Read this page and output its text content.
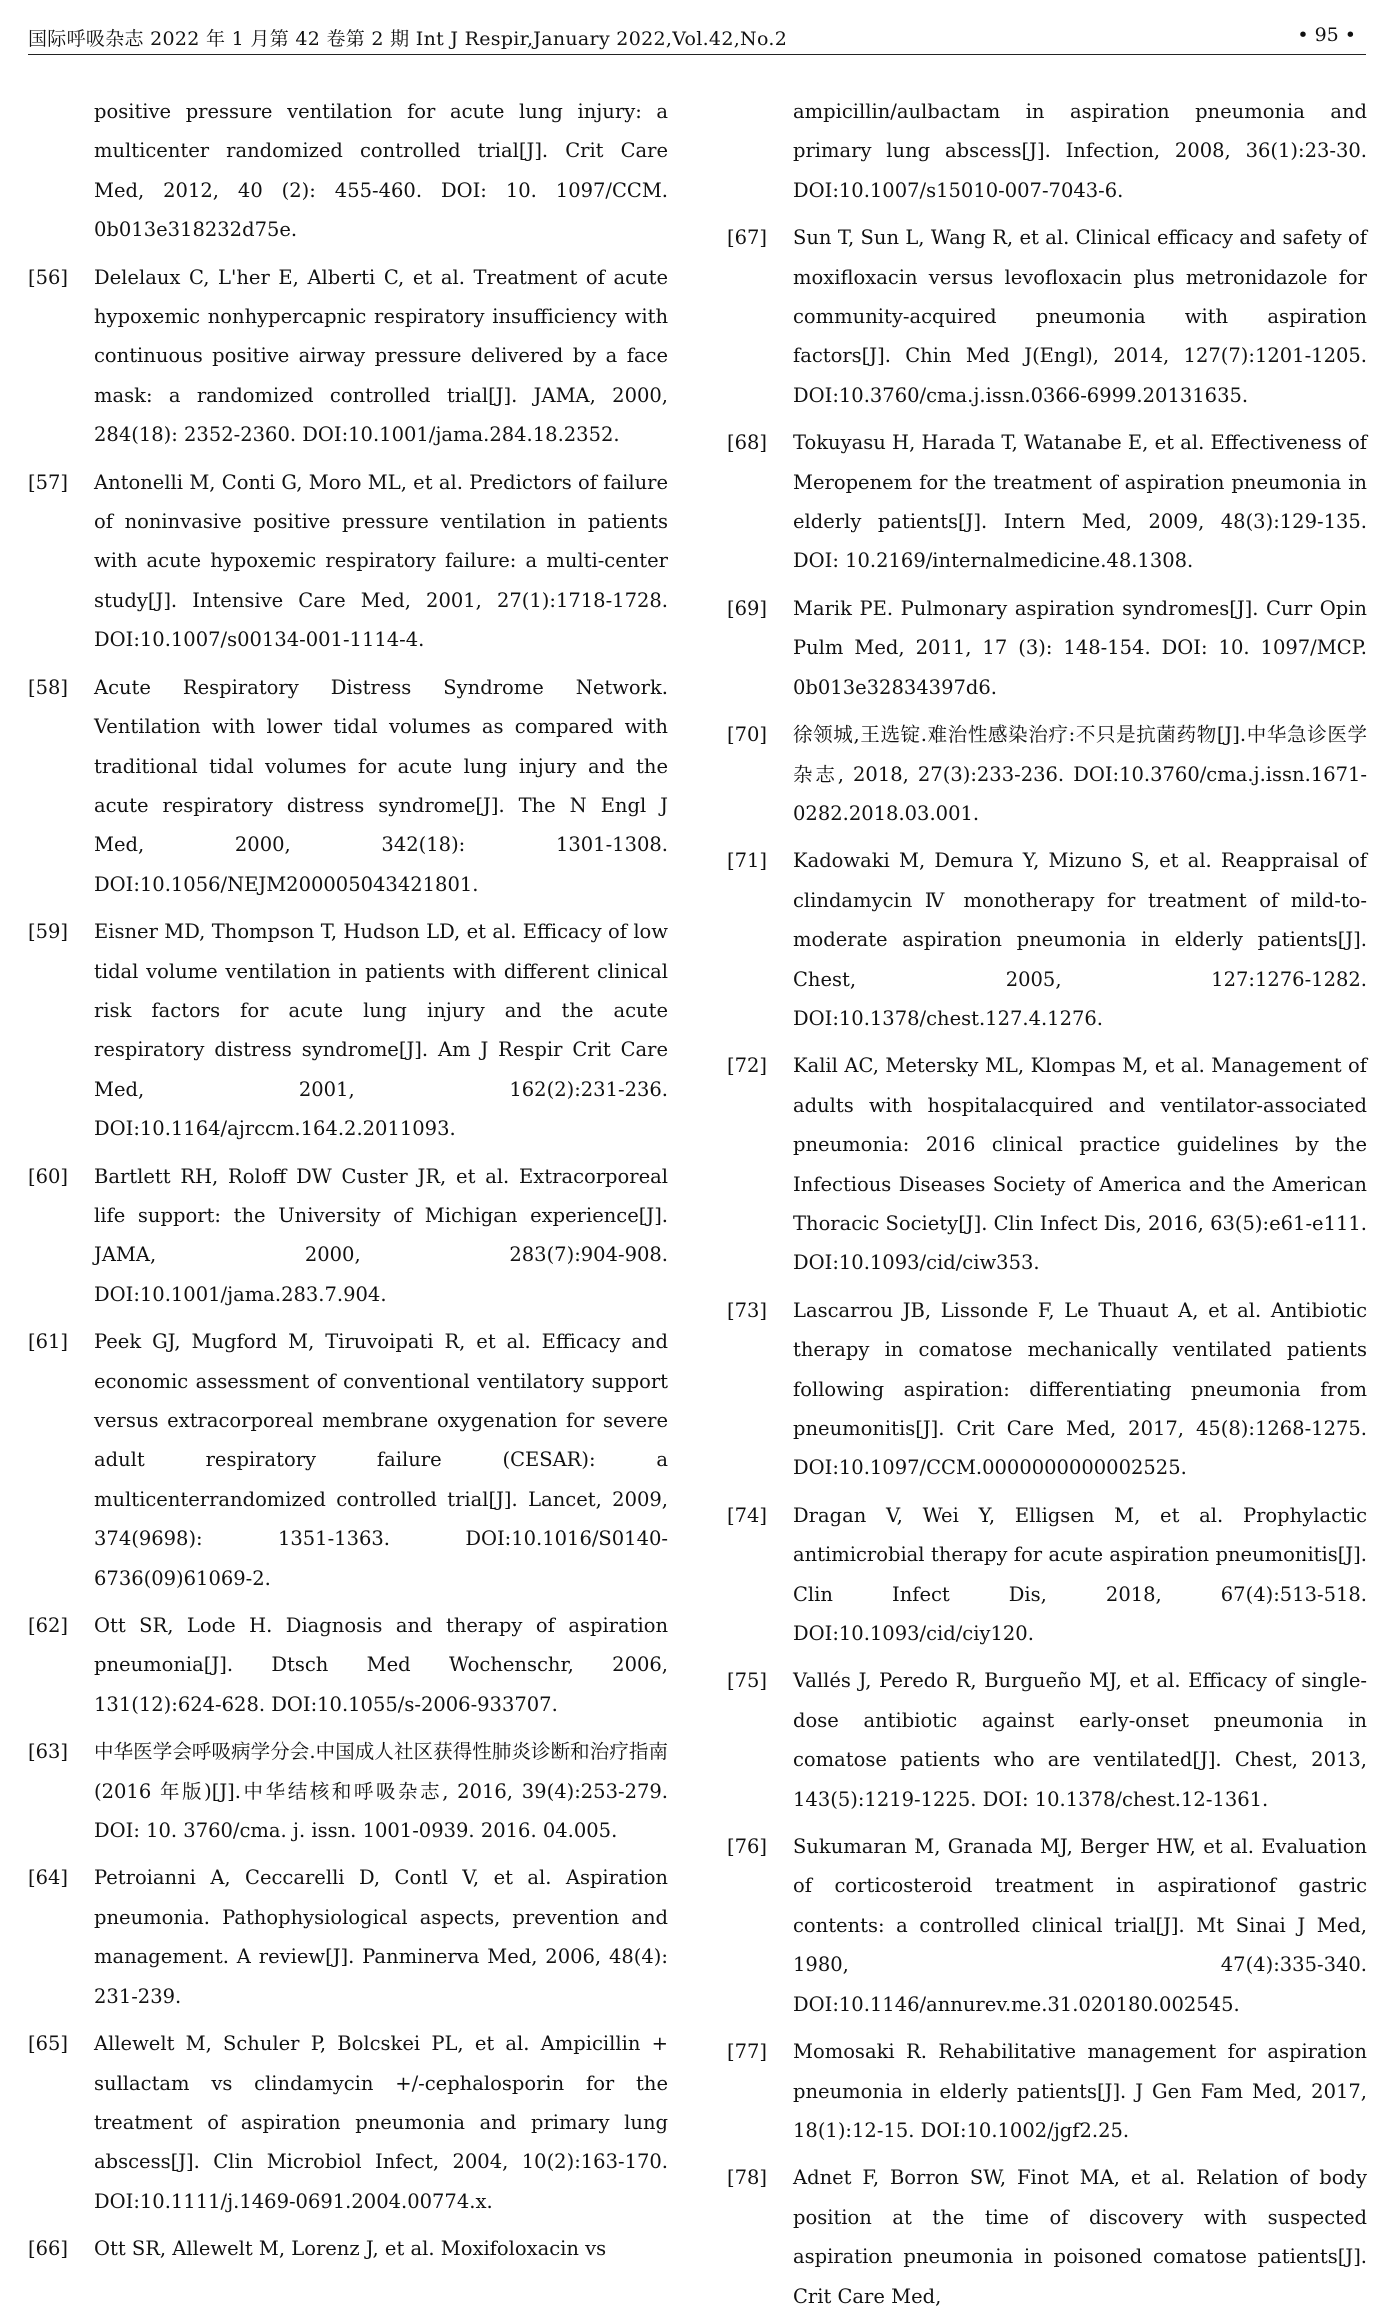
国际呼吸杂志 2022 年 1 月第 42 卷第 2 期 Int J Respir,January 2022,Vol.42,No.2	• 95 •
positive pressure ventilation for acute lung injury: a multicenter randomized controlled trial[J]. Crit Care Med, 2012, 40 (2): 455-460. DOI: 10. 1097/CCM. 0b013e318232d75e.
[56] Delelaux C, L'her E, Alberti C, et al. Treatment of acute hypoxemic nonhypercapnic respiratory insufficiency with continuous positive airway pressure delivered by a face mask: a randomized controlled trial[J]. JAMA, 2000, 284(18): 2352-2360. DOI:10.1001/jama.284.18.2352.
[57] Antonelli M, Conti G, Moro ML, et al. Predictors of failure of noninvasive positive pressure ventilation in patients with acute hypoxemic respiratory failure: a multi-center study[J]. Intensive Care Med, 2001, 27(1):1718-1728. DOI:10.1007/s00134-001-1114-4.
[58] Acute Respiratory Distress Syndrome Network. Ventilation with lower tidal volumes as compared with traditional tidal volumes for acute lung injury and the acute respiratory distress syndrome[J]. The N Engl J Med, 2000, 342(18): 1301-1308. DOI:10.1056/NEJM200005043421801.
[59] Eisner MD, Thompson T, Hudson LD, et al. Efficacy of low tidal volume ventilation in patients with different clinical risk factors for acute lung injury and the acute respiratory distress syndrome[J]. Am J Respir Crit Care Med, 2001, 162(2):231-236. DOI:10.1164/ajrccm.164.2.2011093.
[60] Bartlett RH, Roloff DW Custer JR, et al. Extracorporeal life support: the University of Michigan experience[J]. JAMA, 2000, 283(7):904-908. DOI:10.1001/jama.283.7.904.
[61] Peek GJ, Mugford M, Tiruvoipati R, et al. Efficacy and economic assessment of conventional ventilatory support versus extracorporeal membrane oxygenation for severe adult respiratory failure (CESAR): a multicenterrandomized controlled trial[J]. Lancet, 2009, 374(9698): 1351-1363. DOI:10.1016/S0140-6736(09)61069-2.
[62] Ott SR, Lode H. Diagnosis and therapy of aspiration pneumonia[J]. Dtsch Med Wochenschr, 2006, 131(12):624-628. DOI:10.1055/s-2006-933707.
[63] 中华医学会呼吸病学分会.中国成人社区获得性肺炎诊断和治疗指南(2016 年版)[J].中华结核和呼吸杂志, 2016, 39(4):253-279. DOI: 10. 3760/cma. j. issn. 1001-0939. 2016. 04.005.
[64] Petroianni A, Ceccarelli D, Contl V, et al. Aspiration pneumonia. Pathophysiological aspects, prevention and management. A review[J]. Panminerva Med, 2006, 48(4): 231-239.
[65] Allewelt M, Schuler P, Bolcskei PL, et al. Ampicillin + sullactam vs clindamycin +/-cephalosporin for the treatment of aspiration pneumonia and primary lung abscess[J]. Clin Microbiol Infect, 2004, 10(2):163-170. DOI:10.1111/j.1469-0691.2004.00774.x.
[66] Ott SR, Allewelt M, Lorenz J, et al. Moxifoloxacin vs
ampicillin/aulbactam in aspiration pneumonia and primary lung abscess[J]. Infection, 2008, 36(1):23-30. DOI:10.1007/s15010-007-7043-6.
[67] Sun T, Sun L, Wang R, et al. Clinical efficacy and safety of moxifloxacin versus levofloxacin plus metronidazole for community-acquired pneumonia with aspiration factors[J]. Chin Med J(Engl), 2014, 127(7):1201-1205. DOI:10.3760/cma.j.issn.0366-6999.20131635.
[68] Tokuyasu H, Harada T, Watanabe E, et al. Effectiveness of Meropenem for the treatment of aspiration pneumonia in elderly patients[J]. Intern Med, 2009, 48(3):129-135. DOI: 10.2169/internalmedicine.48.1308.
[69] Marik PE. Pulmonary aspiration syndromes[J]. Curr Opin Pulm Med, 2011, 17 (3): 148-154. DOI: 10. 1097/MCP. 0b013e32834397d6.
[70] 徐领城,王选锭.难治性感染治疗:不只是抗菌药物[J].中华急诊医学杂志, 2018, 27(3):233-236. DOI:10.3760/cma.j.issn.1671-0282.2018.03.001.
[71] Kadowaki M, Demura Y, Mizuno S, et al. Reappraisal of clindamycin Ⅳ monotherapy for treatment of mild-to-moderate aspiration pneumonia in elderly patients[J]. Chest, 2005, 127:1276-1282. DOI:10.1378/chest.127.4.1276.
[72] Kalil AC, Metersky ML, Klompas M, et al. Management of adults with hospitalacquired and ventilator-associated pneumonia: 2016 clinical practice guidelines by the Infectious Diseases Society of America and the American Thoracic Society[J]. Clin Infect Dis, 2016, 63(5):e61-e111. DOI:10.1093/cid/ciw353.
[73] Lascarrou JB, Lissonde F, Le Thuaut A, et al. Antibiotic therapy in comatose mechanically ventilated patients following aspiration: differentiating pneumonia from pneumonitis[J]. Crit Care Med, 2017, 45(8):1268-1275. DOI:10.1097/CCM.0000000000002525.
[74] Dragan V, Wei Y, Elligsen M, et al. Prophylactic antimicrobial therapy for acute aspiration pneumonitis[J]. Clin Infect Dis, 2018, 67(4):513-518. DOI:10.1093/cid/ciy120.
[75] Vallés J, Peredo R, Burgueño MJ, et al. Efficacy of single-dose antibiotic against early-onset pneumonia in comatose patients who are ventilated[J]. Chest, 2013, 143(5):1219-1225. DOI: 10.1378/chest.12-1361.
[76] Sukumaran M, Granada MJ, Berger HW, et al. Evaluation of corticosteroid treatment in aspirationof gastric contents: a controlled clinical trial[J]. Mt Sinai J Med, 1980, 47(4):335-340. DOI:10.1146/annurev.me.31.020180.002545.
[77] Momosaki R. Rehabilitative management for aspiration pneumonia in elderly patients[J]. J Gen Fam Med, 2017, 18(1):12-15. DOI:10.1002/jgf2.25.
[78] Adnet F, Borron SW, Finot MA, et al. Relation of body position at the time of discovery with suspected aspiration pneumonia in poisoned comatose patients[J]. Crit Care Med,
